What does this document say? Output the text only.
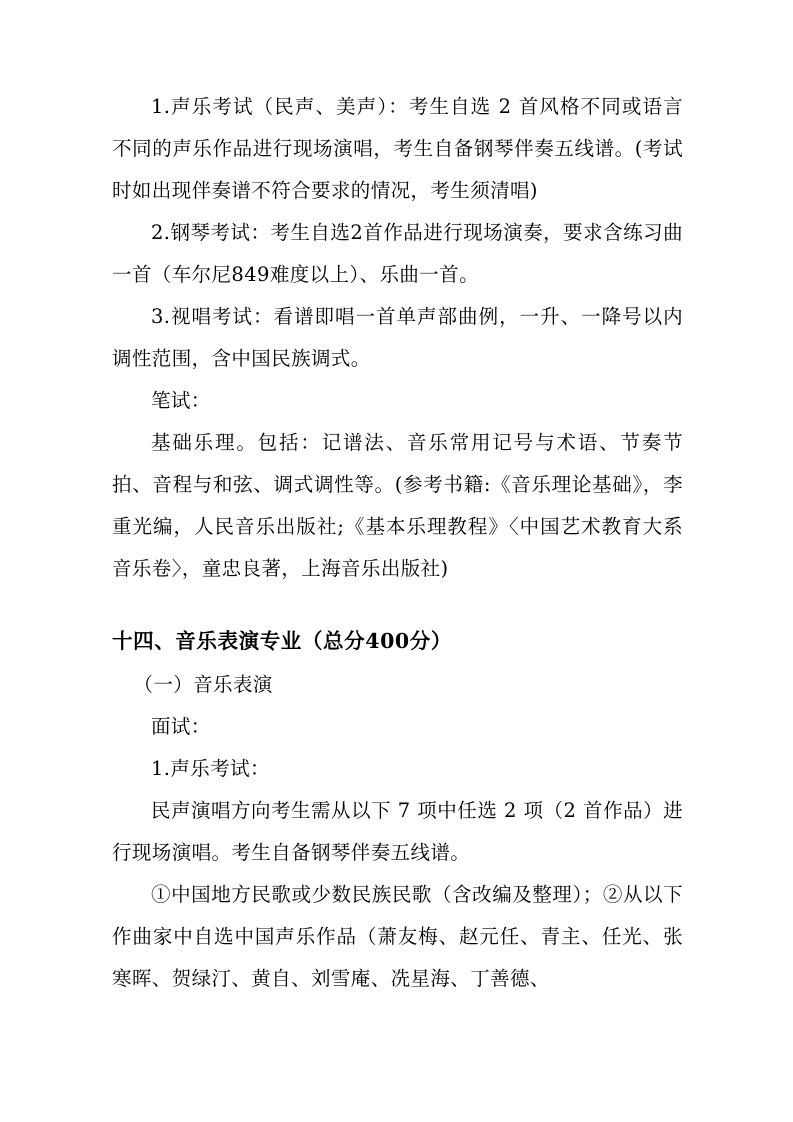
1.声乐考试（民声、美声）：考生自选 2 首风格不同或语言不同的声乐作品进行现场演唱，考生自备钢琴伴奏五线谱。(考试时如出现伴奏谱不符合要求的情况，考生须清唱)

2.钢琴考试：考生自选2首作品进行现场演奏，要求含练习曲一首（车尔尼849难度以上）、乐曲一首。

3.视唱考试：看谱即唱一首单声部曲例，一升、一降号以内调性范围，含中国民族调式。

笔试：

基础乐理。包括：记谱法、音乐常用记号与术语、节奏节拍、音程与和弦、调式调性等。(参考书籍:《音乐理论基础》，李重光编，人民音乐出版社;《基本乐理教程》〈中国艺术教育大系音乐卷〉，童忠良著，上海音乐出版社)

十四、音乐表演专业（总分400分）

（一）音乐表演

面试：

1.声乐考试：

民声演唱方向考生需从以下 7 项中任选 2 项（2 首作品）进行现场演唱。考生自备钢琴伴奏五线谱。

①中国地方民歌或少数民族民歌（含改编及整理）；②从以下作曲家中自选中国声乐作品（萧友梅、赵元任、青主、任光、张寒晖、贺绿汀、黄自、刘雪庵、冼星海、丁善德、
